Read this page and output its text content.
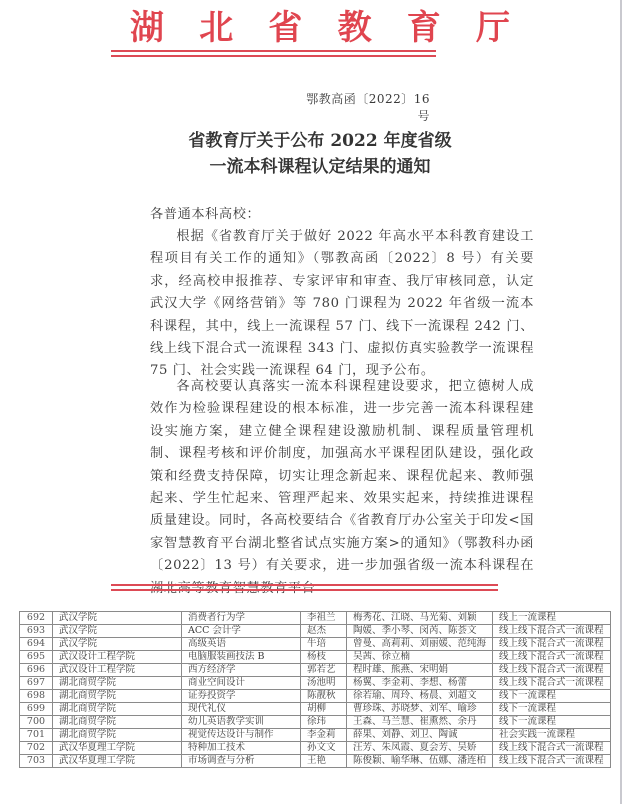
湖 北 省 教 育 厅
鄂教高函〔2022〕16 号
省教育厅关于公布 2022 年度省级
一流本科课程认定结果的通知
各普通本科高校：
根据《省教育厅关于做好 2022 年高水平本科教育建设工程项目有关工作的通知》（鄂教高函〔2022〕8 号）有关要求，经高校申报推荐、专家评审和审查、我厅审核同意，认定武汉大学《网络营销》等 780 门课程为 2022 年省级一流本科课程，其中，线上一流课程 57 门、线下一流课程 242 门、线上线下混合式一流课程 343 门、虚拟仿真实验教学一流课程 75 门、社会实践一流课程 64 门，现予公布。
各高校要认真落实一流本科课程建设要求，把立德树人成效作为检验课程建设的根本标准，进一步完善一流本科课程建设实施方案，建立健全课程建设激励机制、课程质量管理机制、课程考核和评价制度，加强高水平课程团队建设，强化政策和经费支持保障，切实让理念新起来、课程优起来、教师强起来、学生忙起来、管理严起来、效果实起来，持续推进课程质量建设。同时，各高校要结合《省教育厅办公室关于印发<国家智慧教育平台湖北整省试点实施方案>的通知》（鄂教科办函〔2022〕13 号）有关要求，进一步加强省级一流本科课程在
692	武汉学院	消费者行为学	李祖兰	梅秀花、江晓、马光菊、刘颖	线上一流课程
693	武汉学院	ACC 会计学	赵杰	陶媛、季小琴、闵芮、陈荟文	线上线下混合式一流课程
694	武汉学院	高级英语	牛琣	曾曼、高莉莉、刘丽媛、范纯海	线上线下混合式一流课程
695	武汉设计工程学院	电脑服装画技法 B	杨枝	吴茜、徐立楠	线上线下混合式一流课程
696	武汉设计工程学院	西方经济学	郭若艺	程时雄、熊燕、宋明娟	线上线下混合式一流课程
697	湖北商贸学院	商业空间设计	汤池明	杨翼、李金莉、李想、杨蕾	线上线下混合式一流课程
698	湖北商贸学院	证券投资学	陈靓秋	徐若瑜、周玲、杨晨、刘超文	线下一流课程
699	湖北商贸学院	现代礼仪	胡柳	曹珍珠、苏晓梦、刘军、喻珍	线下一流课程
700	湖北商贸学院	幼儿英语教学实训	徐玮	王森、马兰慧、崔熏然、余丹	线下一流课程
701	湖北商贸学院	视觉传达设计与制作	李金莉	薛果、刘静、刘卫、陶诚	社会实践一流课程
702	武汉华夏理工学院	特种加工技术	孙文文	汪芳、朱凤霞、夏会芳、吴娇	线上线下混合式一流课程
703	武汉华夏理工学院	市场调查与分析	王艳	陈俊颖、喻华琳、伍娜、潘连柏	线上线下混合式一流课程
